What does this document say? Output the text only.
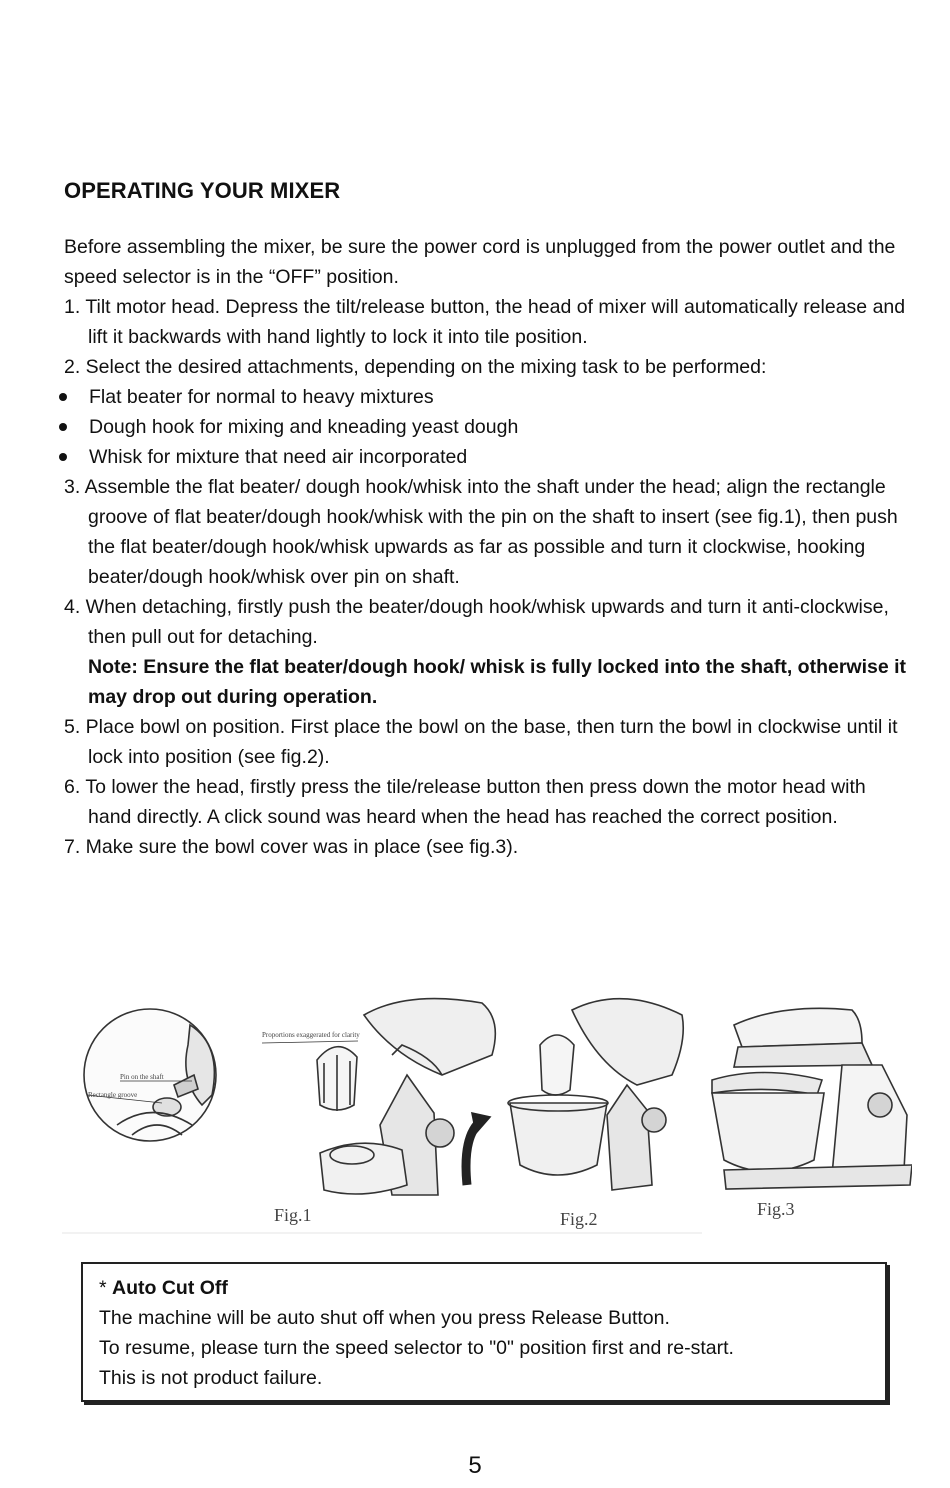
OPERATING YOUR MIXER

Before assembling the mixer, be sure the power cord is unplugged from the power outlet and the speed selector is in the “OFF” position.

1. Tilt motor head. Depress the tilt/release button, the head of mixer will automatically release and lift it backwards with hand lightly to lock it into tile position.

2. Select the desired attachments, depending on the mixing task to be performed:

Flat beater for normal to heavy mixtures

Dough hook for mixing and kneading yeast dough

Whisk for mixture that need air incorporated

3. Assemble the flat beater/ dough hook/whisk into the shaft under the head; align the rectangle groove of flat beater/dough hook/whisk with the pin on the shaft to insert (see fig.1), then push the flat beater/dough hook/whisk upwards as far as possible and turn it clockwise, hooking beater/dough hook/whisk over pin on shaft.

4. When detaching, firstly push the beater/dough hook/whisk upwards and turn it anti-clockwise, then pull out for detaching.

Note: Ensure the flat beater/dough hook/ whisk is fully locked into the shaft, otherwise it may drop out during operation.

5. Place bowl on position. First place the bowl on the base, then turn the bowl in clockwise until it lock into position (see fig.2).

6. To lower the head, firstly press the tile/release button then press down the motor head with hand directly. A click sound was heard when the head has reached the correct position.

7. Make sure the bowl cover was in place (see fig.3).

Pin on the shaft
Rectangle groove
Proportions exaggerated for clarity
Fig.1	Fig.2	Fig.3

* Auto Cut Off

The machine will be auto shut off when you press Release Button.

To resume, please turn the speed selector to "0" position first and re-start.

This is not product failure.

5
